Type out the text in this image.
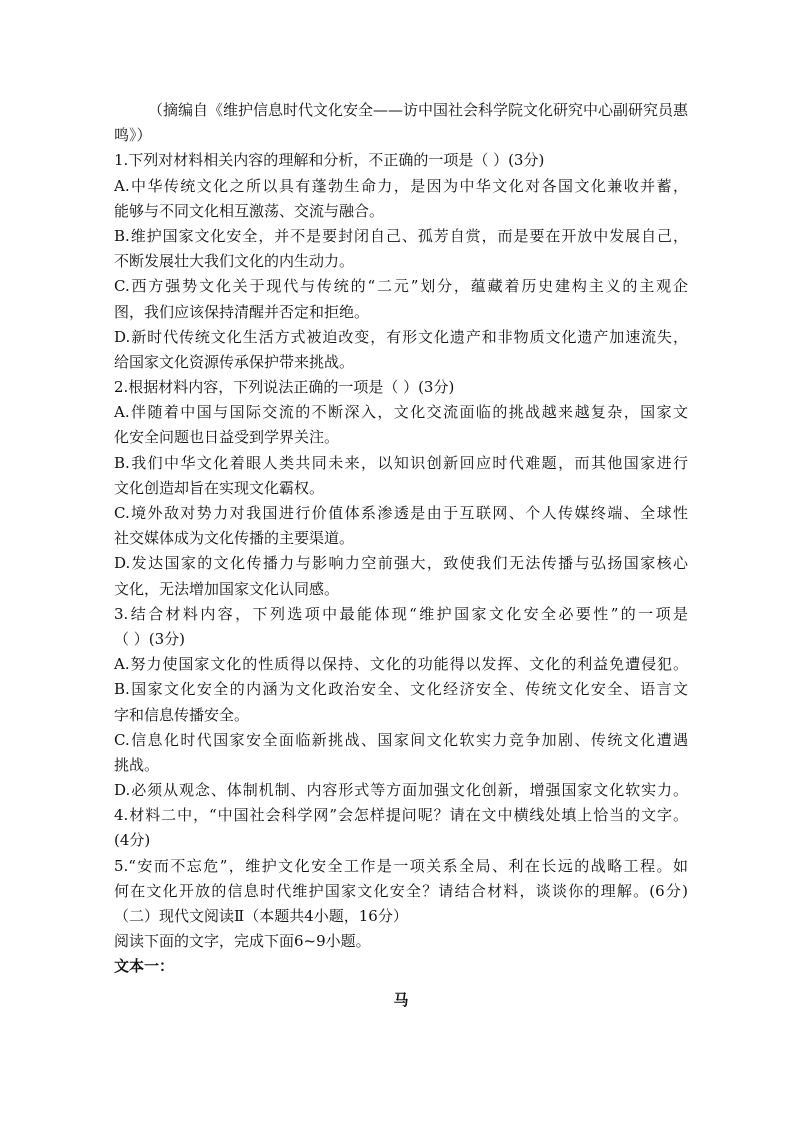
（摘编自《维护信息时代文化安全——访中国社会科学院文化研究中心副研究员惠
鸣》）
1.下列对材料相关内容的理解和分析，不正确的一项是（ ）(3分)
A.中华传统文化之所以具有蓬勃生命力，是因为中华文化对各国文化兼收并蓄，
能够与不同文化相互激荡、交流与融合。
B.维护国家文化安全，并不是要封闭自己、孤芳自赏，而是要在开放中发展自己，
不断发展壮大我们文化的内生动力。
C.西方强势文化关于现代与传统的“二元”划分，蕴藏着历史建构主义的主观企
图，我们应该保持清醒并否定和拒绝。
D.新时代传统文化生活方式被迫改变，有形文化遗产和非物质文化遗产加速流失，
给国家文化资源传承保护带来挑战。
2.根据材料内容，下列说法正确的一项是（ ）(3分)
A.伴随着中国与国际交流的不断深入，文化交流面临的挑战越来越复杂，国家文
化安全问题也日益受到学界关注。
B.我们中华文化着眼人类共同未来，以知识创新回应时代难题，而其他国家进行
文化创造却旨在实现文化霸权。
C.境外敌对势力对我国进行价值体系渗透是由于互联网、个人传媒终端、全球性
社交媒体成为文化传播的主要渠道。
D.发达国家的文化传播力与影响力空前强大，致使我们无法传播与弘扬国家核心
文化，无法增加国家文化认同感。
3.结合材料内容，下列选项中最能体现“维护国家文化安全必要性”的一项是
（ ）(3分)
A.努力使国家文化的性质得以保持、文化的功能得以发挥、文化的利益免遭侵犯。
B.国家文化安全的内涵为文化政治安全、文化经济安全、传统文化安全、语言文
字和信息传播安全。
C.信息化时代国家安全面临新挑战、国家间文化软实力竞争加剧、传统文化遭遇
挑战。
D.必须从观念、体制机制、内容形式等方面加强文化创新，增强国家文化软实力。
4.材料二中，“中国社会科学网”会怎样提问呢？请在文中横线处填上恰当的文字。
(4分)
5.“安而不忘危”，维护文化安全工作是一项关系全局、利在长远的战略工程。如
何在文化开放的信息时代维护国家文化安全？请结合材料，谈谈你的理解。(6分)
（二）现代文阅读Ⅱ（本题共4小题，16分）
阅读下面的文字，完成下面6~9小题。
文本一：
马
